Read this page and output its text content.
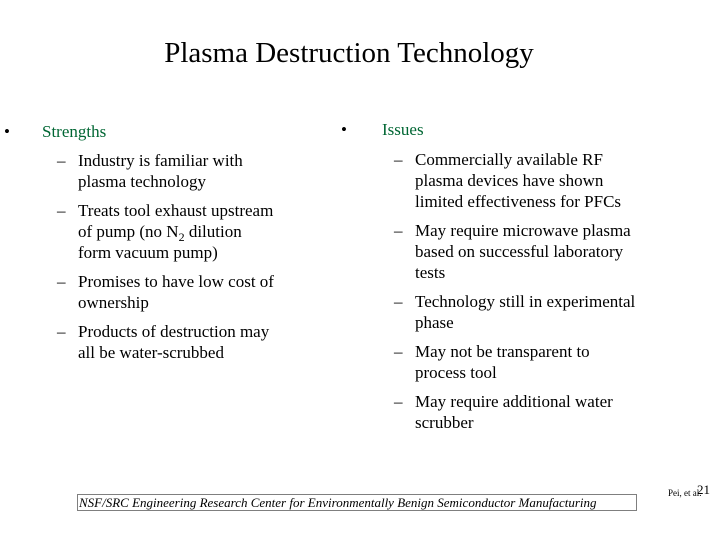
Plasma Destruction Technology
• Strengths
– Industry is familiar with
plasma technology
– Treats tool exhaust upstream
of pump (no $N_2$ dilution
form vacuum pump)
– Promises to have low cost of
ownership
– Products of destruction may
all be water-scrubbed
• Issues
– Commercially available RF
plasma devices have shown
limited effectiveness for PFCs
– May require microwave plasma
based on successful laboratory
tests
– Technology still in experimental
phase
– May not be transparent to
process tool
– May require additional water
scrubber
NSF/SRC Engineering Research Center for Environmentally Benign Semiconductor Manufacturing
Pei, et al.
21
